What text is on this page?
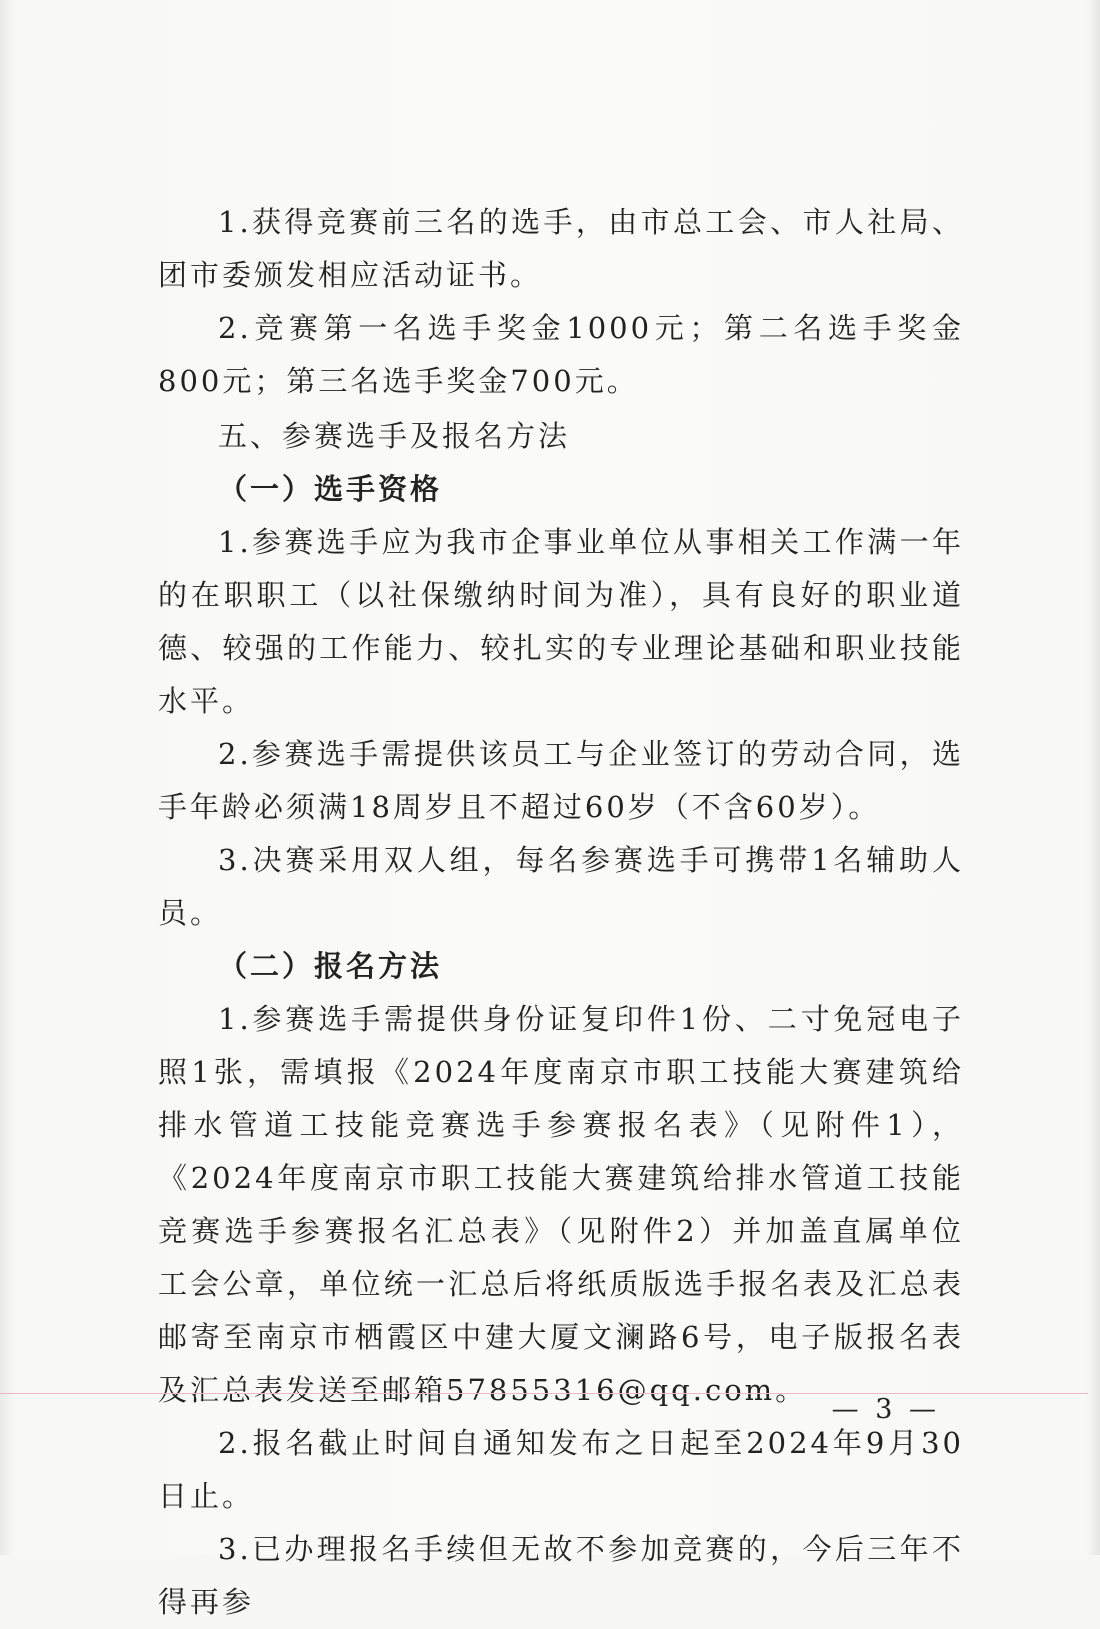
1.获得竞赛前三名的选手，由市总工会、市人社局、团市委颁发相应活动证书。

2.竞赛第一名选手奖金1000元；第二名选手奖金800元；第三名选手奖金700元。

五、参赛选手及报名方法

（一）选手资格

1.参赛选手应为我市企事业单位从事相关工作满一年的在职职工（以社保缴纳时间为准），具有良好的职业道德、较强的工作能力、较扎实的专业理论基础和职业技能水平。

2.参赛选手需提供该员工与企业签订的劳动合同，选手年龄必须满18周岁且不超过60岁（不含60岁）。

3.决赛采用双人组，每名参赛选手可携带1名辅助人员。

（二）报名方法

1.参赛选手需提供身份证复印件1份、二寸免冠电子照1张，需填报《2024年度南京市职工技能大赛建筑给排水管道工技能竞赛选手参赛报名表》（见附件1），《2024年度南京市职工技能大赛建筑给排水管道工技能竞赛选手参赛报名汇总表》（见附件2）并加盖直属单位工会公章，单位统一汇总后将纸质版选手报名表及汇总表邮寄至南京市栖霞区中建大厦文澜路6号，电子版报名表及汇总表发送至邮箱57855316@qq.com。

2.报名截止时间自通知发布之日起至2024年9月30日止。

3.已办理报名手续但无故不参加竞赛的，今后三年不得再参

— 3 —
